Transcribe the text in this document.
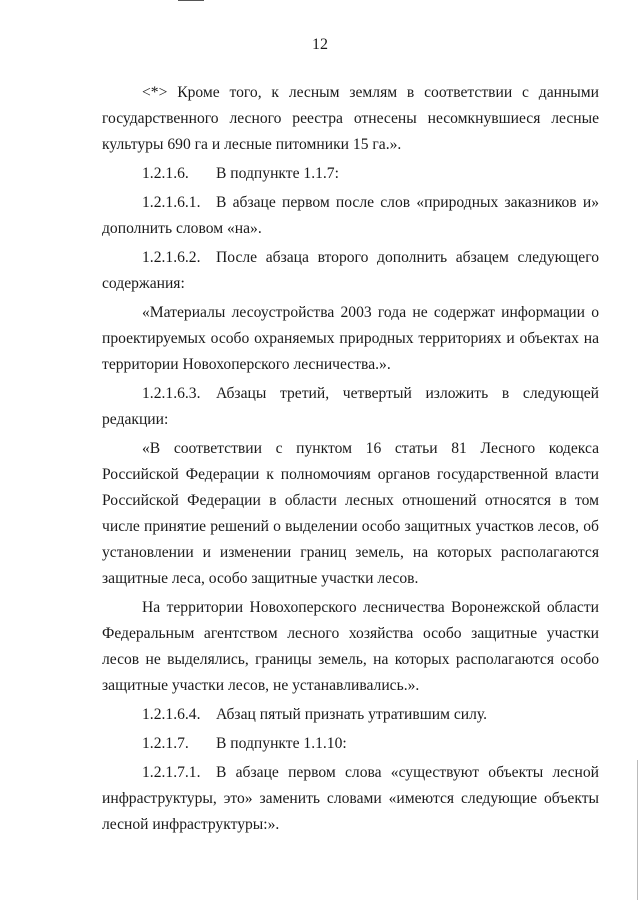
12

<*> Кроме того, к лесным землям в соответствии с данными государственного лесного реестра отнесены несомкнувшиеся лесные культуры 690 га и лесные питомники 15 га.».

1.2.1.6.	В подпункте 1.1.7:

1.2.1.6.1. В абзаце первом после слов «природных заказников и» дополнить словом «на».

1.2.1.6.2. После абзаца второго дополнить абзацем следующего содержания:

«Материалы лесоустройства 2003 года не содержат информации о проектируемых особо охраняемых природных территориях и объектах на территории Новохоперского лесничества.».

1.2.1.6.3. Абзацы третий, четвертый изложить в следующей редакции:

«В соответствии с пунктом 16 статьи 81 Лесного кодекса Российской Федерации к полномочиям органов государственной власти Российской Федерации в области лесных отношений относятся в том числе принятие решений о выделении особо защитных участков лесов, об установлении и изменении границ земель, на которых располагаются защитные леса, особо защитные участки лесов.

На территории Новохоперского лесничества Воронежской области Федеральным агентством лесного хозяйства особо защитные участки лесов не выделялись, границы земель, на которых располагаются особо защитные участки лесов, не устанавливались.».

1.2.1.6.4. Абзац пятый признать утратившим силу.
1.2.1.7.	В подпункте 1.1.10:

1.2.1.7.1. В абзаце первом слова «существуют объекты лесной инфраструктуры, это» заменить словами «имеются следующие объекты лесной инфраструктуры:».
